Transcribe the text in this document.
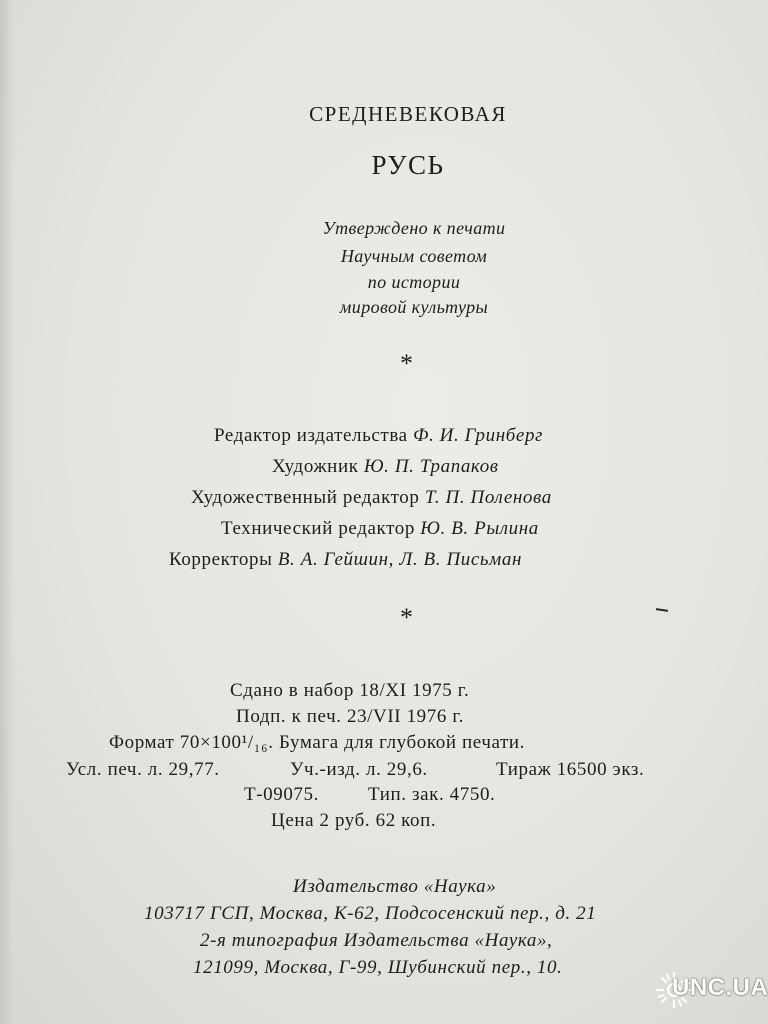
СРЕДНЕВЕКОВАЯ
РУСЬ
Утверждено к печати
Научным советом
по истории
мировой культуры
*
Редактор издательства Ф. И. Гринберг
Художник Ю. П. Трапаков
Художественный редактор Т. П. Поленова
Технический редактор Ю. В. Рылина
Корректоры В. А. Гейшин, Л. В. Письман
*
Сдано в набор 18/XI 1975 г.
Подп. к печ. 23/VII 1976 г.
Формат 70×100¹/₁₆. Бумага для глубокой печати.
Усл. печ. л. 29,77.	Уч.-изд. л. 29,6.	Тираж 16500 экз.
Т-09075.	Тип. зак. 4750.
Цена 2 руб. 62 коп.
Издательство «Наука»
103717 ГСП, Москва, К-62, Подсосенский пер., д. 21
2-я типография Издательства «Наука»,
121099, Москва, Г-99, Шубинский пер., 10.
UNC.UA
